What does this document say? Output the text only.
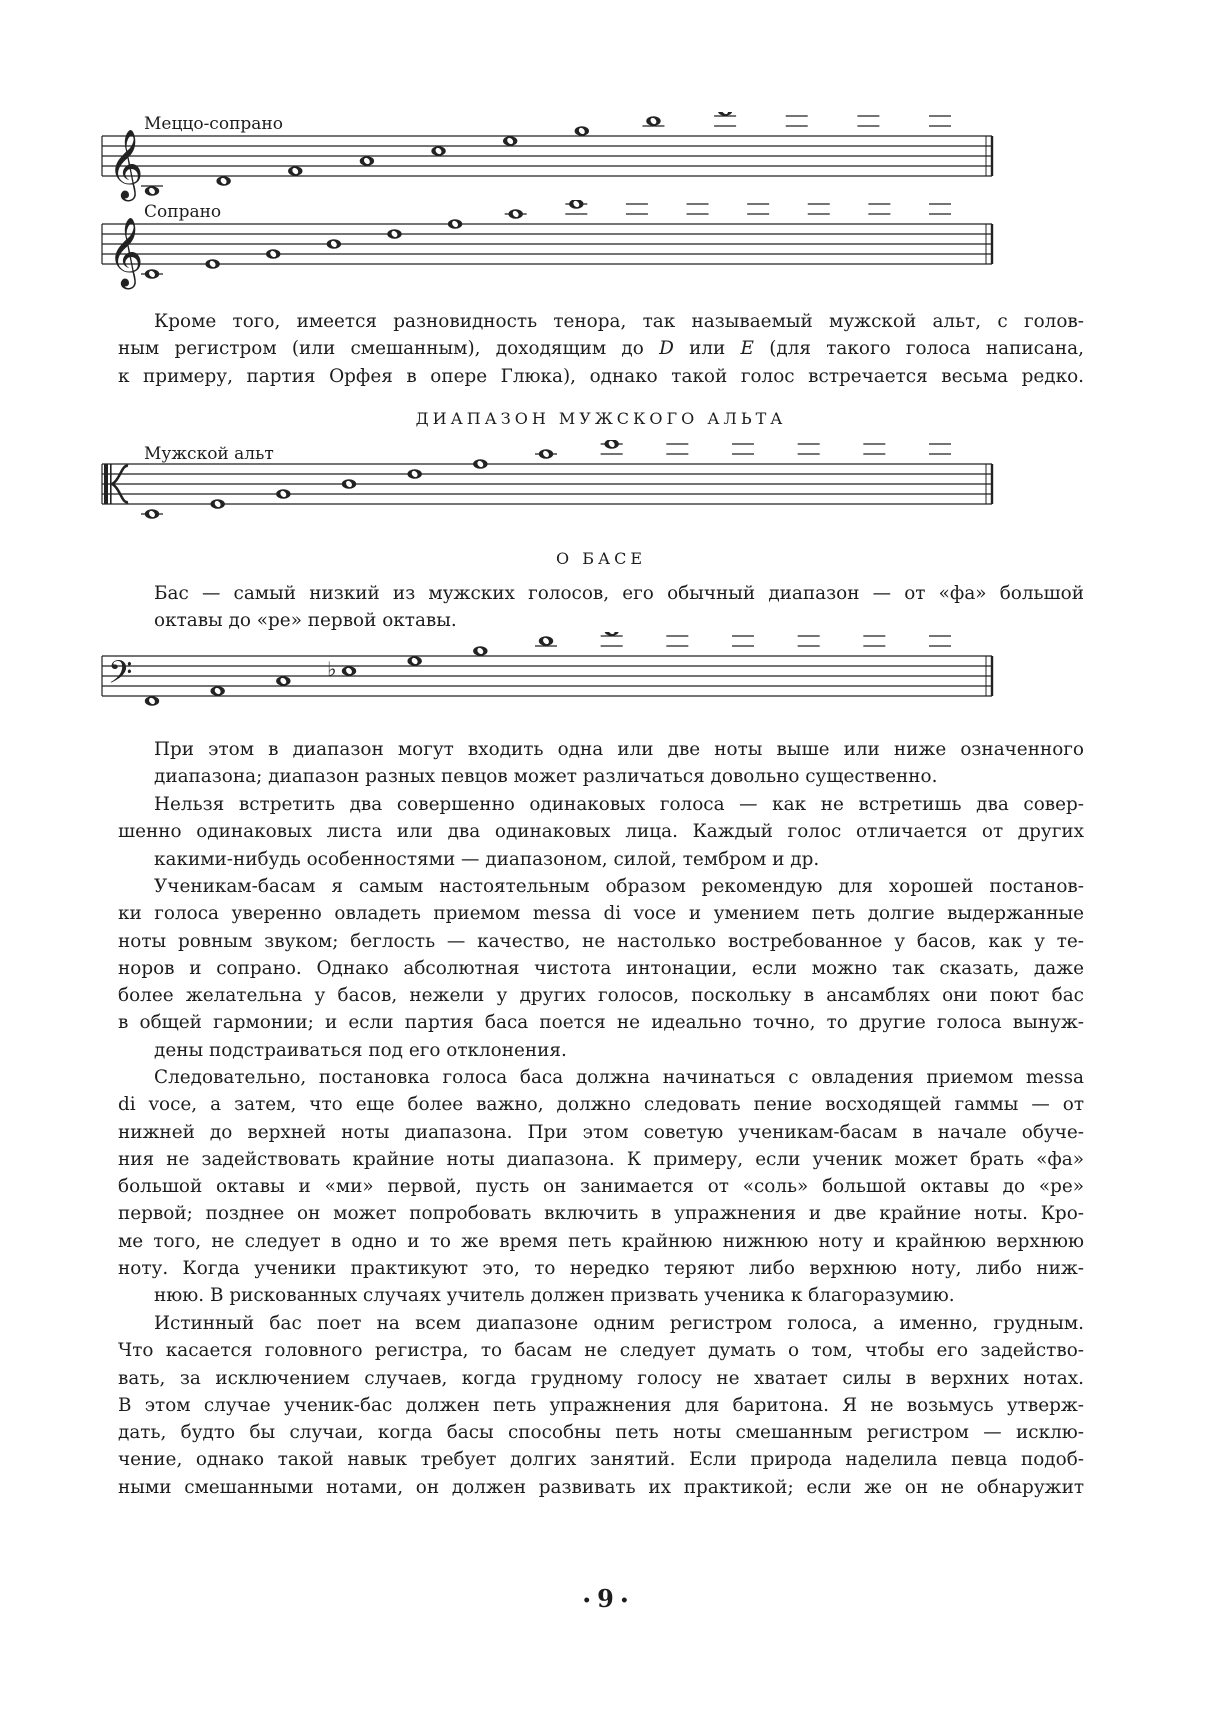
Меццо-сопрано
𝄞
Сопрано
𝄞
Кроме того, имеется разновидность тенора, так называемый мужской альт, с голов-
ным регистром (или смешанным), доходящим до D или E (для такого голоса написана,
к примеру, партия Орфея в опере Глюка), однако такой голос встречается весьма редко.
ДИАПАЗОН МУЖСКОГО АЛЬТА
Мужской альт
О БАСЕ
Бас — самый низкий из мужских голосов, его обычный диапазон — от «фа» большой
октавы до «ре» первой октавы.
𝄢	♭
При этом в диапазон могут входить одна или две ноты выше или ниже означенного
диапазона; диапазон разных певцов может различаться довольно существенно.
Нельзя встретить два совершенно одинаковых голоса — как не встретишь два совер-
шенно одинаковых листа или два одинаковых лица. Каждый голос отличается от других
какими-нибудь особенностями — диапазоном, силой, тембром и др.
Ученикам-басам я самым настоятельным образом рекомендую для хорошей постанов-
ки голоса уверенно овладеть приемом messa di voce и умением петь долгие выдержанные
ноты ровным звуком; беглость — качество, не настолько востребованное у басов, как у те-
норов и сопрано. Однако абсолютная чистота интонации, если можно так сказать, даже
более желательна у басов, нежели у других голосов, поскольку в ансамблях они поют бас
в общей гармонии; и если партия баса поется не идеально точно, то другие голоса вынуж-
дены подстраиваться под его отклонения.
Следовательно, постановка голоса баса должна начинаться с овладения приемом messa
di voce, а затем, что еще более важно, должно следовать пение восходящей гаммы — от
нижней до верхней ноты диапазона. При этом советую ученикам-басам в начале обуче-
ния не задействовать крайние ноты диапазона. К примеру, если ученик может брать «фа»
большой октавы и «ми» первой, пусть он занимается от «соль» большой октавы до «ре»
первой; позднее он может попробовать включить в упражнения и две крайние ноты. Кро-
ме того, не следует в одно и то же время петь крайнюю нижнюю ноту и крайнюю верхнюю
ноту. Когда ученики практикуют это, то нередко теряют либо верхнюю ноту, либо ниж-
нюю. В рискованных случаях учитель должен призвать ученика к благоразумию.
Истинный бас поет на всем диапазоне одним регистром голоса, а именно, грудным.
Что касается головного регистра, то басам не следует думать о том, чтобы его задейство-
вать, за исключением случаев, когда грудному голосу не хватает силы в верхних нотах.
В этом случае ученик-бас должен петь упражнения для баритона. Я не возьмусь утверж-
дать, будто бы случаи, когда басы способны петь ноты смешанным регистром — исклю-
чение, однако такой навык требует долгих занятий. Если природа наделила певца подоб-
ными смешанными нотами, он должен развивать их практикой; если же он не обнаружит
• 9 •
